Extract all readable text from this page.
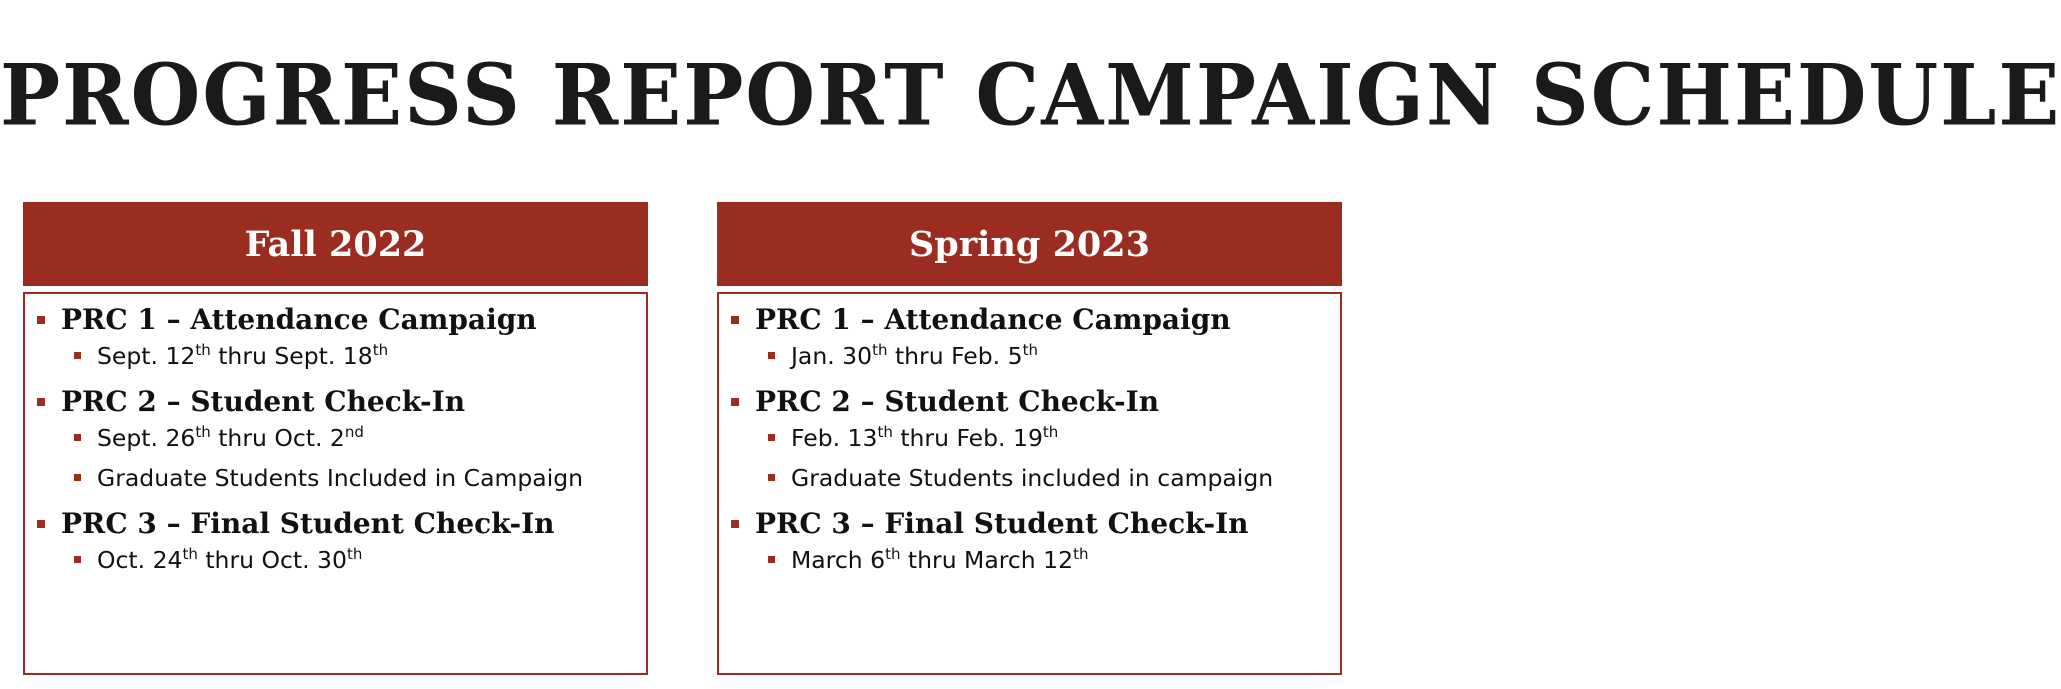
PROGRESS REPORT CAMPAIGN SCHEDULE
Fall 2022
PRC 1 – Attendance Campaign
Sept. 12th thru Sept. 18th
PRC 2 – Student Check-In
Sept. 26th thru Oct. 2nd
Graduate Students Included in Campaign
PRC 3 – Final Student Check-In
Oct. 24th thru Oct. 30th
Spring 2023
PRC 1 – Attendance Campaign
Jan. 30th thru Feb. 5th
PRC 2 – Student Check-In
Feb. 13th thru Feb. 19th
Graduate Students included in campaign
PRC 3 – Final Student Check-In
March 6th thru March 12th
